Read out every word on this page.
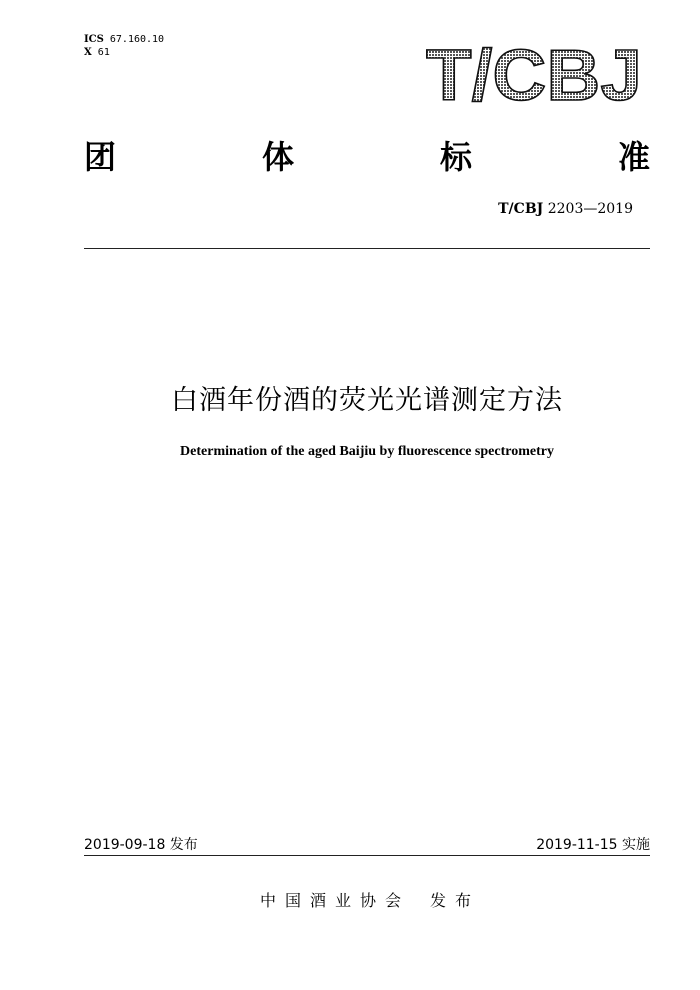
ICS 67.160.10
X 61	T/CBJ
团	体	标	准
T/CBJ 2203—2019
白酒年份酒的荧光光谱测定方法
Determination of the aged Baijiu by fluorescence spectrometry
2019-09-18 发布	2019-11-15 实施
中国酒业协会 发布
